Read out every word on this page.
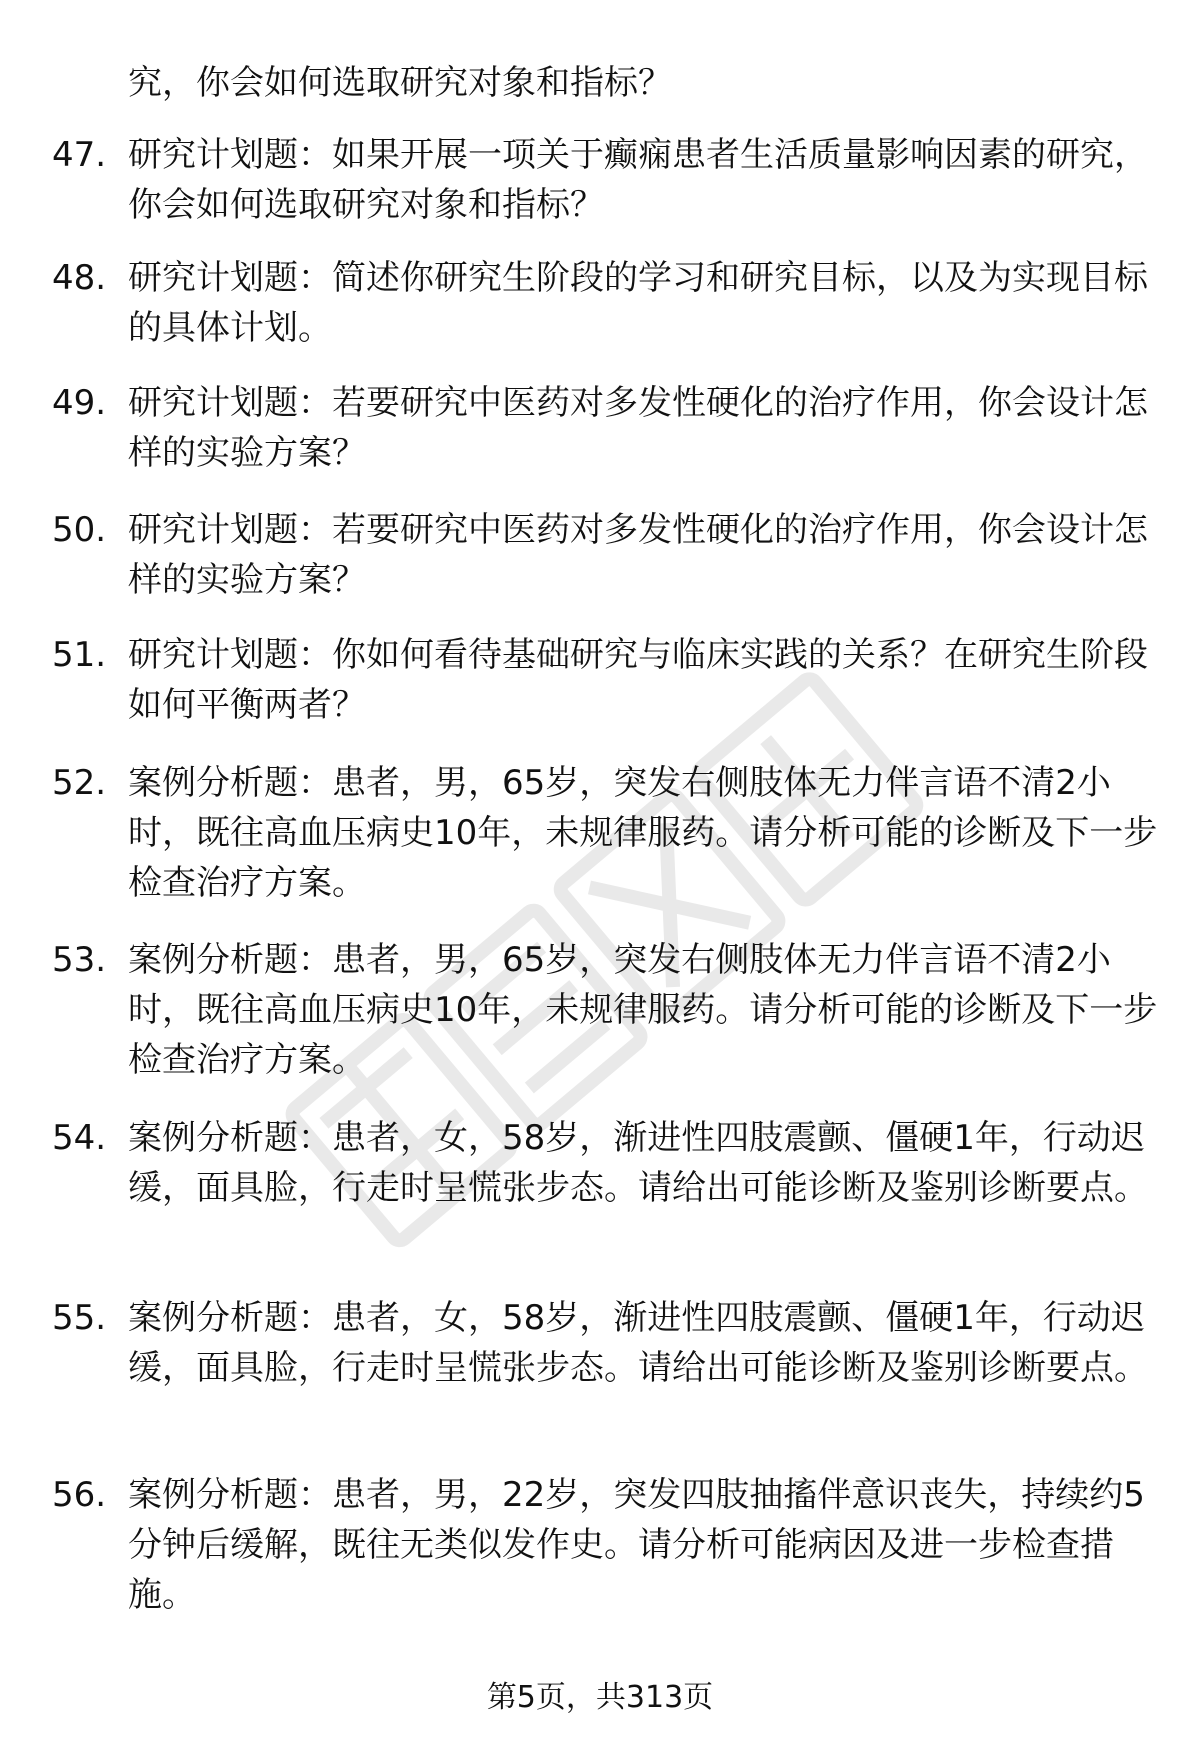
究，你会如何选取研究对象和指标？

47. 研究计划题：如果开展一项关于癫痫患者生活质量影响因素的研究，你会如何选取研究对象和指标？

48. 研究计划题：简述你研究生阶段的学习和研究目标，以及为实现目标的具体计划。

49. 研究计划题：若要研究中医药对多发性硬化的治疗作用，你会设计怎样的实验方案？

50. 研究计划题：若要研究中医药对多发性硬化的治疗作用，你会设计怎样的实验方案？

51. 研究计划题：你如何看待基础研究与临床实践的关系？在研究生阶段如何平衡两者？

52. 案例分析题：患者，男，65岁，突发右侧肢体无力伴言语不清2小时，既往高血压病史10年，未规律服药。请分析可能的诊断及下一步检查治疗方案。

53. 案例分析题：患者，男，65岁，突发右侧肢体无力伴言语不清2小时，既往高血压病史10年，未规律服药。请分析可能的诊断及下一步检查治疗方案。

54. 案例分析题：患者，女，58岁，渐进性四肢震颤、僵硬1年，行动迟缓，面具脸，行走时呈慌张步态。请给出可能诊断及鉴别诊断要点。

55. 案例分析题：患者，女，58岁，渐进性四肢震颤、僵硬1年，行动迟缓，面具脸，行走时呈慌张步态。请给出可能诊断及鉴别诊断要点。

56. 案例分析题：患者，男，22岁，突发四肢抽搐伴意识丧失，持续约5分钟后缓解，既往无类似发作史。请分析可能病因及进一步检查措施。

第5页，共313页
